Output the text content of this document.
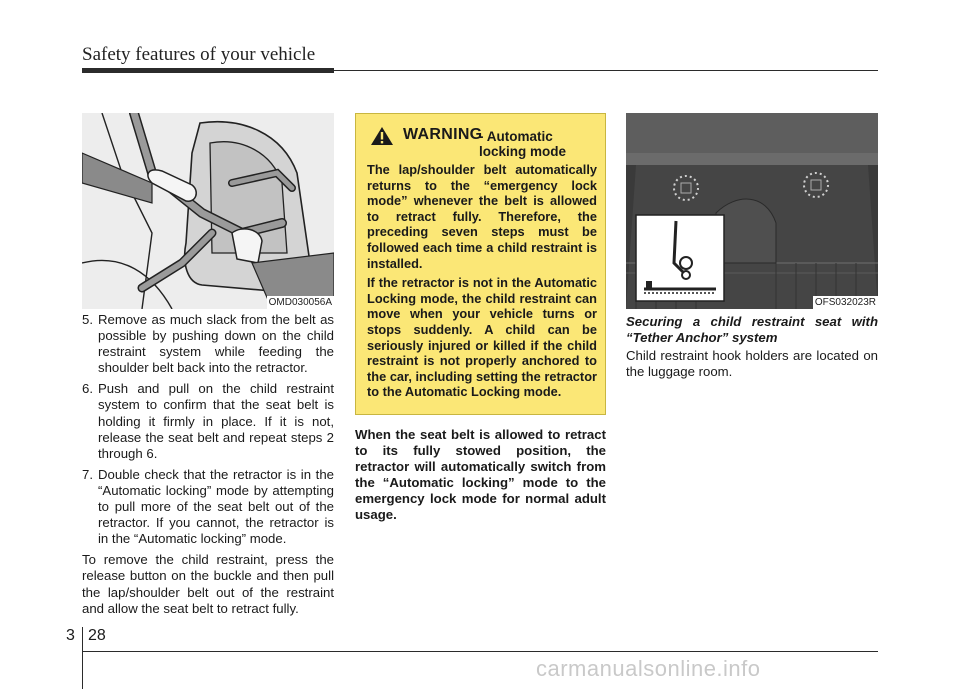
Safety features of your vehicle
OMD030056A
5. Remove as much slack from the belt as possible by pushing down on the child restraint system while feeding the shoulder belt back into the retractor.
6. Push and pull on the child restraint system to confirm that the seat belt is holding it firmly in place. If it is not, release the seat belt and repeat steps 2 through 6.
7. Double check that the retractor is in the “Automatic locking” mode by attempting to pull more of the seat belt out of the retractor. If you cannot, the retractor is in the “Automatic locking” mode.

To remove the child restraint, press the release button on the buckle and then pull the lap/shoulder belt out of the restraint and allow the seat belt to retract fully.

WARNING
- Automatic locking mode

The lap/shoulder belt automatically returns to the “emergency lock mode” whenever the belt is allowed to retract fully. Therefore, the preceding seven steps must be followed each time a child restraint is installed.

If the retractor is not in the Automatic Locking mode, the child restraint can move when your vehicle turns or stops suddenly. A child can be seriously injured or killed if the child restraint is not properly anchored to the car, including setting the retractor to the Automatic Locking mode.

When the seat belt is allowed to retract to its fully stowed position, the retractor will automatically switch from the “Automatic locking” mode to the emergency lock mode for normal adult usage.

OFS032023R

Securing a child restraint seat with “Tether Anchor” system

Child restraint hook holders are located on the luggage room.

3 28
carmanualsonline.info
